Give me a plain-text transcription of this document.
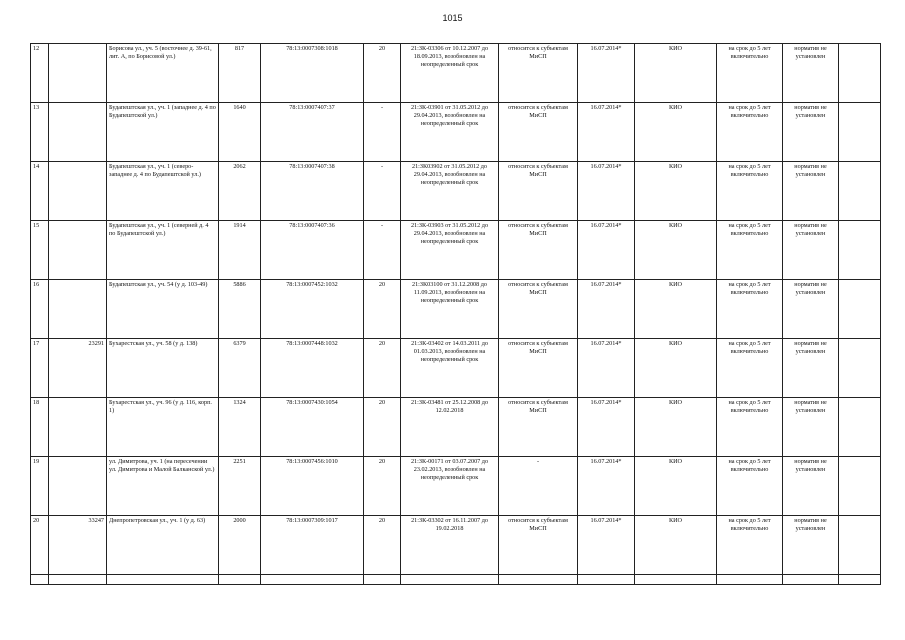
1015
12		Борисова ул., уч. 5 (восточнее д. 39-61, лит. А, по Борисовой ул.)	817	78:13:0007308:1018	20	21:ЗК-03306 от 10.12.2007 до 18.09.2013, возобновлен на неопределенный срок	относится к субъектам МиСП	16.07.2014*	КИО	на срок до 5 лет включительно	норматив не установлен	
13		Будапештская ул., уч. 1 (западнее д. 4 по Будапештской ул.)	1640	78:13:0007407:37	-	21:ЗК-03901 от 31.05.2012 до 29.04.2013, возобновлен на неопределенный срок	относится к субъектам МиСП	16.07.2014*	КИО	на срок до 5 лет включительно	норматив не установлен	
14		Будапештская ул., уч. 1 (северо-западнее д. 4 по Будапештской ул.)	2062	78:13:0007407:38	-	21:ЗК03902 от 31.05.2012 до 29.04.2013, возобновлен на неопределенный срок	относится к субъектам МиСП	16.07.2014*	КИО	на срок до 5 лет включительно	норматив не установлен	
15		Будапештская ул., уч. 1 (северней д. 4 по Будапештской ул.)	1914	78:13:0007407:36	-	21:ЗК-03903 от 31.05.2012 до 29.04.2013, возобновлен на неопределенный срок	относится к субъектам МиСП	16.07.2014*	КИО	на срок до 5 лет включительно	норматив не установлен	
16		Будапештская ул., уч. 54 (у д. 103-49)	5886	78:13:0007452:1032	20	21:ЗК03100 от 31.12.2008 до 11.09.2013, возобновлен на неопределенный срок	относится к субъектам МиСП	16.07.2014*	КИО	на срок до 5 лет включительно	норматив не установлен	
17	23291	Бухарестская ул., уч. 58 (у д. 138)	6379	78:13:0007448:1032	20	21:ЗК-03402 от 14.03.2011 до 01.03.2013, возобновлен на неопределенный срок	относится к субъектам МиСП	16.07.2014*	КИО	на срок до 5 лет включительно	норматив не установлен	
18		Бухарестская ул., уч. 96 (у д. 116, корп. 1)	1324	78:13:0007430:1054	20	21:ЗК-03481 от 25.12.2008 до 12.02.2018	относится к субъектам МиСП	16.07.2014*	КИО	на срок до 5 лет включительно	норматив не установлен	
19		ул. Димитрова, уч. 1 (на пересечении ул. Димитрова и Малой Балканской ул.)	2251	78:13:0007456:1010	20	21:ЗК-00171 от 03.07.2007 до 23.02.2013, возобновлен на неопределенный срок	-	16.07.2014*	КИО	на срок до 5 лет включительно	норматив не установлен	
20	33247	Днепропетровская ул., уч. 1 (у д. 63)	2000	78:13:0007309:1017	20	21:ЗК-03302 от 16.11.2007 до 19.02.2018	относится к субъектам МиСП	16.07.2014*	КИО	на срок до 5 лет включительно	норматив не установлен	
